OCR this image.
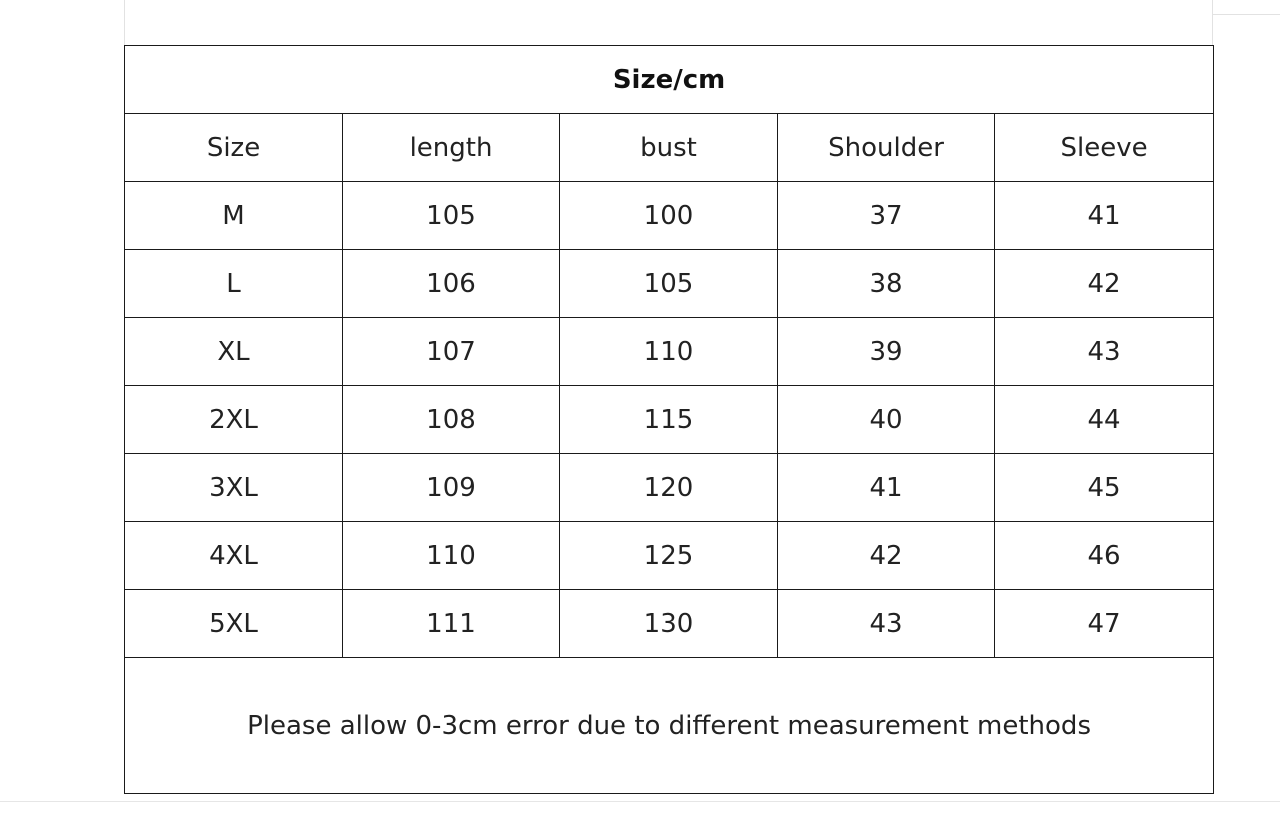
Size/cm				
Size	length	bust	Shoulder	Sleeve
M	105	100	37	41
L	106	105	38	42
XL	107	110	39	43
2XL	108	115	40	44
3XL	109	120	41	45
4XL	110	125	42	46
5XL	111	130	43	47
Please allow 0-3cm error due to different measurement methods				
